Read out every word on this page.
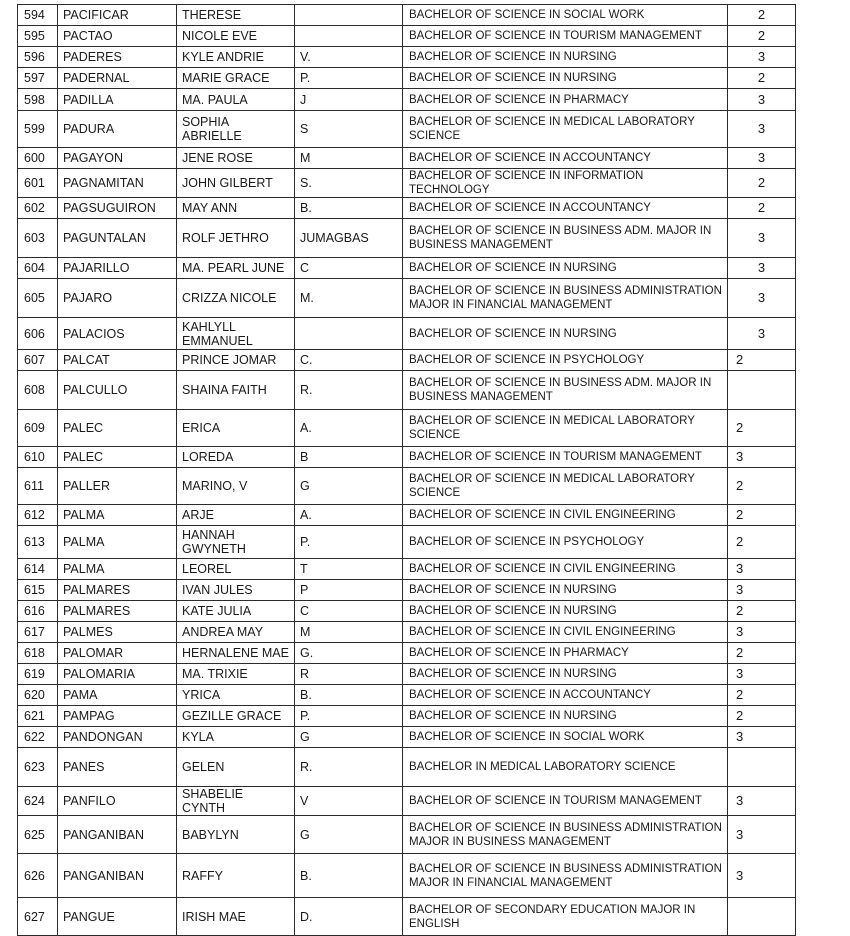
594	PACIFICAR	THERESE		BACHELOR OF SCIENCE IN SOCIAL WORK	2
595	PACTAO	NICOLE EVE		BACHELOR OF SCIENCE IN TOURISM MANAGEMENT	2
596	PADERES	KYLE ANDRIE	V.	BACHELOR OF SCIENCE IN NURSING	3
597	PADERNAL	MARIE GRACE	P.	BACHELOR OF SCIENCE IN NURSING	2
598	PADILLA	MA. PAULA	J	BACHELOR OF SCIENCE IN PHARMACY	3
599	PADURA	SOPHIA ABRIELLE	S	BACHELOR OF SCIENCE IN MEDICAL LABORATORY SCIENCE	3
600	PAGAYON	JENE ROSE	M	BACHELOR OF SCIENCE IN ACCOUNTANCY	3
601	PAGNAMITAN	JOHN GILBERT	S.	BACHELOR OF SCIENCE IN INFORMATION TECHNOLOGY	2
602	PAGSUGUIRON	MAY ANN	B.	BACHELOR OF SCIENCE IN ACCOUNTANCY	2
603	PAGUNTALAN	ROLF JETHRO	JUMAGBAS	BACHELOR OF SCIENCE IN BUSINESS ADM. MAJOR IN BUSINESS MANAGEMENT	3
604	PAJARILLO	MA. PEARL JUNE	C	BACHELOR OF SCIENCE IN NURSING	3
605	PAJARO	CRIZZA NICOLE	M.	BACHELOR OF SCIENCE IN BUSINESS ADMINISTRATION MAJOR IN FINANCIAL MANAGEMENT	3
606	PALACIOS	KAHLYLL EMMANUEL		BACHELOR OF SCIENCE IN NURSING	3
607	PALCAT	PRINCE JOMAR	C.	BACHELOR OF SCIENCE IN PSYCHOLOGY	2
608	PALCULLO	SHAINA FAITH	R.	BACHELOR OF SCIENCE IN BUSINESS ADM. MAJOR IN BUSINESS MANAGEMENT	
609	PALEC	ERICA	A.	BACHELOR OF SCIENCE IN MEDICAL LABORATORY SCIENCE	2
610	PALEC	LOREDA	B	BACHELOR OF SCIENCE IN TOURISM MANAGEMENT	3
611	PALLER	MARINO, V	G	BACHELOR OF SCIENCE IN MEDICAL LABORATORY SCIENCE	2
612	PALMA	ARJE	A.	BACHELOR OF SCIENCE IN CIVIL ENGINEERING	2
613	PALMA	HANNAH GWYNETH	P.	BACHELOR OF SCIENCE IN PSYCHOLOGY	2
614	PALMA	LEOREL	T	BACHELOR OF SCIENCE IN CIVIL ENGINEERING	3
615	PALMARES	IVAN JULES	P	BACHELOR OF SCIENCE IN NURSING	3
616	PALMARES	KATE JULIA	C	BACHELOR OF SCIENCE IN NURSING	2
617	PALMES	ANDREA MAY	M	BACHELOR OF SCIENCE IN CIVIL ENGINEERING	3
618	PALOMAR	HERNALENE MAE	G.	BACHELOR OF SCIENCE IN PHARMACY	2
619	PALOMARIA	MA. TRIXIE	R	BACHELOR OF SCIENCE IN NURSING	3
620	PAMA	YRICA	B.	BACHELOR OF SCIENCE IN ACCOUNTANCY	2
621	PAMPAG	GEZILLE GRACE	P.	BACHELOR OF SCIENCE IN NURSING	2
622	PANDONGAN	KYLA	G	BACHELOR OF SCIENCE IN SOCIAL WORK	3
623	PANES	GELEN	R.	BACHELOR IN MEDICAL LABORATORY SCIENCE	
624	PANFILO	SHABELIE CYNTH	V	BACHELOR OF SCIENCE IN TOURISM MANAGEMENT	3
625	PANGANIBAN	BABYLYN	G	BACHELOR OF SCIENCE IN BUSINESS ADMINISTRATION MAJOR IN BUSINESS MANAGEMENT	3
626	PANGANIBAN	RAFFY	B.	BACHELOR OF SCIENCE IN BUSINESS ADMINISTRATION MAJOR IN FINANCIAL MANAGEMENT	3
627	PANGUE	IRISH MAE	D.	BACHELOR OF SECONDARY EDUCATION MAJOR IN ENGLISH	
